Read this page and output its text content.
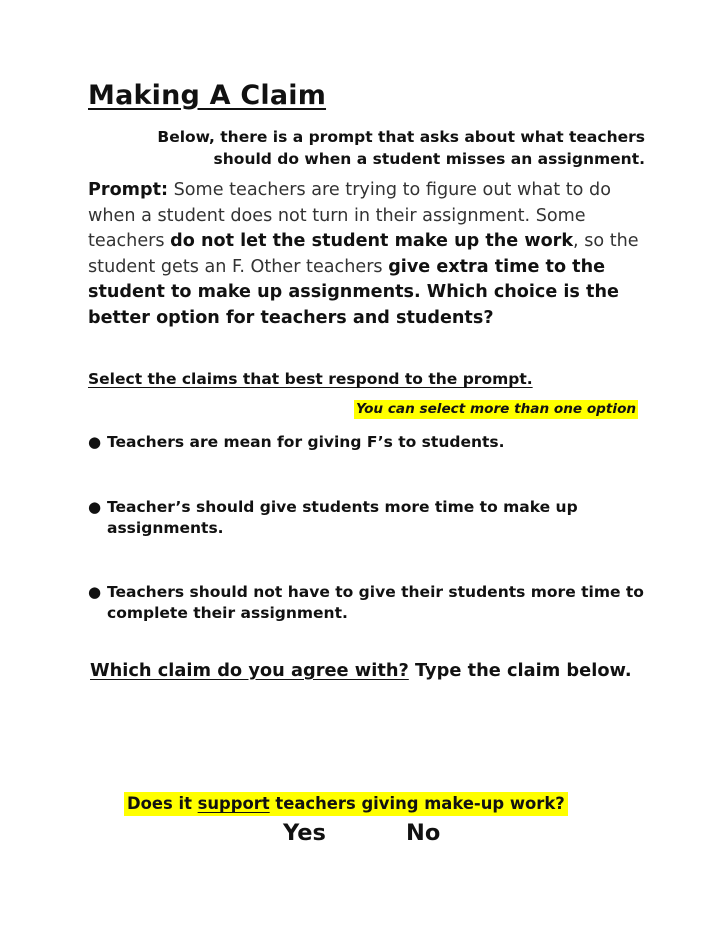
Making A Claim
Below, there is a prompt that asks about what teachers should do when a student misses an assignment.
Prompt: Some teachers are trying to figure out what to do when a student does not turn in their assignment. Some teachers do not let the student make up the work, so the student gets an F. Other teachers give extra time to the student to make up assignments. Which choice is the better option for teachers and students?
Select the claims that best respond to the prompt.
You can select more than one option
● Teachers are mean for giving F’s to students.
● Teacher’s should give students more time to make up assignments.
● Teachers should not have to give their students more time to complete their assignment.
Which claim do you agree with? Type the claim below.
Does it support teachers giving make-up work?
Yes	No
